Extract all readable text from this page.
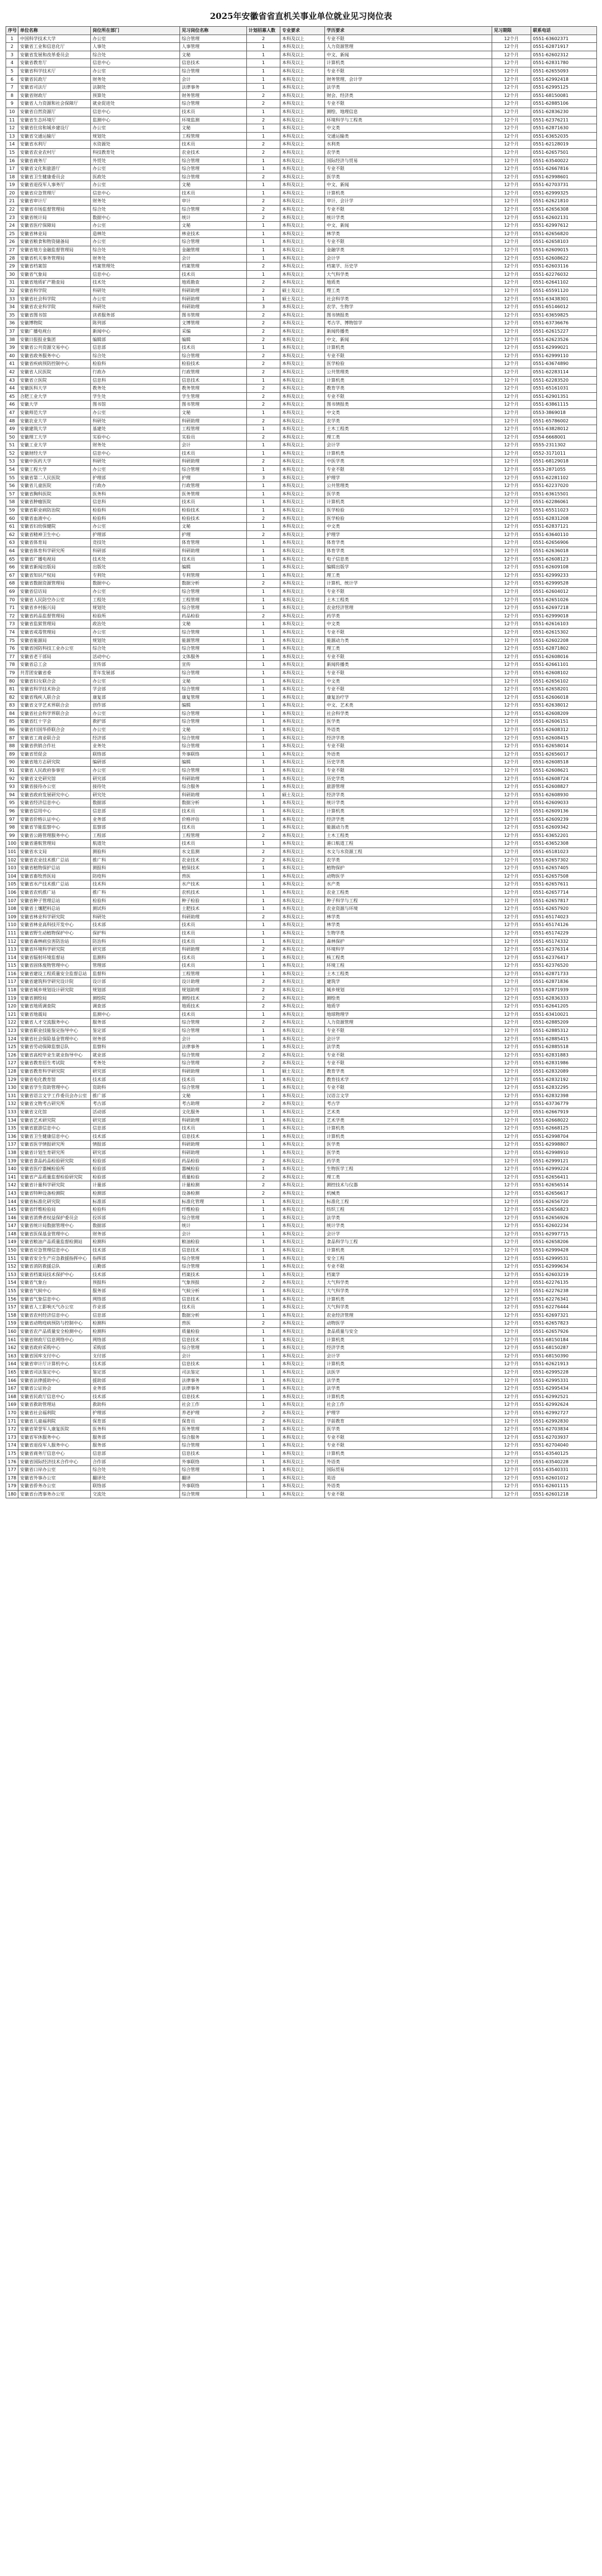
2025年安徽省省直机关事业单位就业见习岗位表
序号	单位名称	岗位所在部门	见习岗位名称	计划招募人数	专业要求	学历要求	见习期限	联系电话
1	中国科学技术大学	办公室	综合管理	2	本科及以上	专业不限	12个月	0551-63602371
2	安徽省工业和信息化厅	人事处	人事管理	1	本科及以上	人力资源管理	12个月	0551-62871917
3	安徽省发展和改革委员会	综合处	文秘	1	本科及以上	中文、新闻	12个月	0551-62602312
4	安徽省教育厅	信息中心	信息技术	1	本科及以上	计算机类	12个月	0551-62831780
5	安徽省科学技术厅	办公室	综合管理	1	本科及以上	专业不限	12个月	0551-62655093
6	安徽省民政厅	财务处	会计	1	本科及以上	财务管理、会计学	12个月	0551-62992418
7	安徽省司法厅	法制处	法律事务	1	本科及以上	法学类	12个月	0551-62995125
8	安徽省财政厅	预算处	财务管理	2	本科及以上	财会、经济类	12个月	0551-68150081
9	安徽省人力资源和社会保障厅	就业促进处	综合管理	2	本科及以上	专业不限	12个月	0551-62885106
10	安徽省自然资源厅	信息中心	技术员	1	本科及以上	测绘、地理信息	12个月	0551-62836230
11	安徽省生态环境厅	监测中心	环境监测	2	本科及以上	环境科学与工程类	12个月	0551-62376211
12	安徽省住房和城乡建设厅	办公室	文秘	1	本科及以上	中文类	12个月	0551-62871630
13	安徽省交通运输厅	规划处	工程管理	1	本科及以上	交通运输类	12个月	0551-63652035
14	安徽省水利厅	水资源处	技术员	2	本科及以上	水利类	12个月	0551-62128019
15	安徽省农业农村厅	科技教育处	农业技术	2	本科及以上	农学类	12个月	0551-62657501
16	安徽省商务厅	外贸处	综合管理	1	本科及以上	国际经济与贸易	12个月	0551-63540022
17	安徽省文化和旅游厅	办公室	综合管理	1	本科及以上	专业不限	12个月	0551-62667816
18	安徽省卫生健康委员会	医政处	综合管理	2	本科及以上	医学类	12个月	0551-62998601
19	安徽省退役军人事务厅	办公室	文秘	1	本科及以上	中文、新闻	12个月	0551-62703731
20	安徽省应急管理厅	信息中心	技术员	1	本科及以上	计算机类	12个月	0551-62999325
21	安徽省审计厅	财务处	审计	2	本科及以上	审计、会计学	12个月	0551-62621810
22	安徽省市场监督管理局	综合处	综合管理	2	本科及以上	专业不限	12个月	0551-62656308
23	安徽省统计局	数据中心	统计	2	本科及以上	统计学类	12个月	0551-62602131
24	安徽省医疗保障局	办公室	文秘	1	本科及以上	中文、新闻	12个月	0551-62997612
25	安徽省林业局	造林处	林业技术	1	本科及以上	林学类	12个月	0551-62656820
26	安徽省粮食和物资储备局	办公室	综合管理	1	本科及以上	专业不限	12个月	0551-62658103
27	安徽省地方金融监督管理局	综合处	金融管理	1	本科及以上	金融学类	12个月	0551-62609015
28	安徽省机关事务管理局	财务处	会计	1	本科及以上	会计学	12个月	0551-62608622
29	安徽省档案馆	档案管理处	档案管理	2	本科及以上	档案学、历史学	12个月	0551-62603116
30	安徽省气象局	信息中心	技术员	1	本科及以上	大气科学类	12个月	0551-62276032
31	安徽省地质矿产勘查局	技术处	地质勘查	2	本科及以上	地质类	12个月	0551-62641102
32	安徽省科学院	科研处	科研助理	2	硕士及以上	理工类	12个月	0551-65591120
33	安徽省社会科学院	办公室	科研助理	1	硕士及以上	社会科学类	12个月	0551-63438301
34	安徽省农业科学院	科研处	科研助理	3	本科及以上	农学、生物学	12个月	0551-65146012
35	安徽省图书馆	读者服务部	图书管理	2	本科及以上	图书情报类	12个月	0551-63659825
36	安徽博物院	陈列部	文博管理	2	本科及以上	考古学、博物馆学	12个月	0551-63736676
37	安徽广播电视台	新闻中心	采编	2	本科及以上	新闻传播类	12个月	0551-62615227
38	安徽日报报业集团	编辑部	编辑	2	本科及以上	中文、新闻	12个月	0551-62623526
39	安徽省公共资源交易中心	信息部	技术员	1	本科及以上	计算机类	12个月	0551-62999021
40	安徽省政务服务中心	综合处	综合管理	2	本科及以上	专业不限	12个月	0551-62999110
41	安徽省疾病预防控制中心	检验科	检验技术	2	本科及以上	医学检验	12个月	0551-63674890
42	安徽省人民医院	行政办	行政管理	2	本科及以上	公共管理类	12个月	0551-62283114
43	安徽省立医院	信息科	信息技术	1	本科及以上	计算机类	12个月	0551-62283520
44	安徽医科大学	教务处	教务管理	2	本科及以上	教育学类	12个月	0551-65161031
45	合肥工业大学	学生处	学生管理	2	本科及以上	专业不限	12个月	0551-62901351
46	安徽大学	图书馆	图书管理	2	本科及以上	图书情报类	12个月	0551-63861115
47	安徽师范大学	办公室	文秘	1	本科及以上	中文类	12个月	0553-3869018
48	安徽农业大学	科研处	科研助理	2	本科及以上	农学类	12个月	0551-65786002
49	安徽建筑大学	基建处	工程管理	1	本科及以上	土木工程类	12个月	0551-63828012
50	安徽理工大学	实验中心	实验员	2	本科及以上	理工类	12个月	0554-6668001
51	安徽工业大学	财务处	会计	1	本科及以上	会计学	12个月	0555-2311302
52	安徽财经大学	信息中心	技术员	1	本科及以上	计算机类	12个月	0552-3171011
53	安徽中医药大学	科研处	科研助理	2	本科及以上	中医学类	12个月	0551-68129018
54	安徽工程大学	办公室	综合管理	1	本科及以上	专业不限	12个月	0553-2871055
55	安徽省第二人民医院	护理部	护理	3	本科及以上	护理学	12个月	0551-62281102
56	安徽省儿童医院	行政办	行政管理	1	本科及以上	公共管理类	12个月	0551-62237020
57	安徽省胸科医院	医务科	医务管理	1	本科及以上	医学类	12个月	0551-63615501
58	安徽省肿瘤医院	信息科	技术员	1	本科及以上	计算机类	12个月	0551-62286061
59	安徽省职业病防治院	检验科	检验技术	1	本科及以上	医学检验	12个月	0551-65511023
60	安徽省血液中心	检验科	检验技术	2	本科及以上	医学检验	12个月	0551-62831208
61	安徽省妇幼保健院	办公室	文秘	1	本科及以上	中文类	12个月	0551-62837121
62	安徽省精神卫生中心	护理部	护理	2	本科及以上	护理学	12个月	0551-63640110
63	安徽省体育局	竞技处	体育管理	1	本科及以上	体育学类	12个月	0551-62656906
64	安徽省体育科学研究所	科研部	科研助理	1	本科及以上	体育学类	12个月	0551-62636018
65	安徽省广播电视局	技术处	技术员	1	本科及以上	电子信息类	12个月	0551-62608123
66	安徽省新闻出版局	出版处	编辑	1	本科及以上	编辑出版学	12个月	0551-62609108
67	安徽省知识产权局	专利处	专利管理	1	本科及以上	理工类	12个月	0551-62999233
68	安徽省数据资源管理局	数据中心	数据分析	2	本科及以上	计算机、统计学	12个月	0551-62999528
69	安徽省信访局	办公室	综合管理	1	本科及以上	专业不限	12个月	0551-62604012
70	安徽省人民防空办公室	工程处	工程管理	1	本科及以上	土木工程类	12个月	0551-62651026
71	安徽省乡村振兴局	规划处	综合管理	1	本科及以上	农业经济管理	12个月	0551-62697218
72	安徽省药品监督管理局	检验所	药品检验	2	本科及以上	药学类	12个月	0551-62999018
73	安徽省监狱管理局	政治处	文秘	1	本科及以上	中文类	12个月	0551-62616103
74	安徽省戒毒管理局	办公室	综合管理	1	本科及以上	专业不限	12个月	0551-62615302
75	安徽省能源局	规划处	能源管理	1	本科及以上	能源动力类	12个月	0551-62602208
76	安徽省国防科技工业办公室	综合处	综合管理	1	本科及以上	理工类	12个月	0551-62871802
77	安徽省老干部局	活动中心	文体服务	1	本科及以上	专业不限	12个月	0551-62608016
78	安徽省总工会	宣传部	宣传	1	本科及以上	新闻传播类	12个月	0551-62661101
79	共青团安徽省委	青年发展部	综合管理	1	本科及以上	专业不限	12个月	0551-62608102
80	安徽省妇女联合会	办公室	文秘	1	本科及以上	中文类	12个月	0551-62656102
81	安徽省科学技术协会	学会部	综合管理	1	本科及以上	专业不限	12个月	0551-62658201
82	安徽省残疾人联合会	康复部	康复管理	1	本科及以上	康复治疗学	12个月	0551-62606018
83	安徽省文学艺术界联合会	创作部	编辑	1	本科及以上	中文、艺术类	12个月	0551-62638012
84	安徽省社会科学界联合会	办公室	综合管理	1	本科及以上	社会科学类	12个月	0551-62608209
85	安徽省红十字会	救护部	综合管理	1	本科及以上	医学类	12个月	0551-62606151
86	安徽省归国华侨联合会	办公室	文秘	1	本科及以上	外语类	12个月	0551-62608312
87	安徽省工商业联合会	经济部	综合管理	1	本科及以上	经济学类	12个月	0551-62608415
88	安徽省供销合作社	业务处	综合管理	1	本科及以上	专业不限	12个月	0551-62658014
89	安徽省贸促会	联络部	外事联络	1	本科及以上	外语类	12个月	0551-62656017
90	安徽省地方志研究院	编研部	编辑	1	本科及以上	历史学类	12个月	0551-62608518
91	安徽省人民政府参事室	办公室	综合管理	1	本科及以上	专业不限	12个月	0551-62608621
92	安徽省文史研究馆	研究部	科研助理	1	本科及以上	历史学类	12个月	0551-62608724
93	安徽省接待办公室	接待处	综合服务	1	本科及以上	旅游管理	12个月	0551-62608827
94	安徽省政府发展研究中心	研究处	科研助理	1	硕士及以上	经济学类	12个月	0551-62608930
95	安徽省经济信息中心	数据部	数据分析	1	本科及以上	统计学类	12个月	0551-62609033
96	安徽省信用中心	信息部	技术员	1	本科及以上	计算机类	12个月	0551-62609136
97	安徽省价格认证中心	业务部	价格评估	1	本科及以上	经济学类	12个月	0551-62609239
98	安徽省节能监察中心	监察部	技术员	1	本科及以上	能源动力类	12个月	0551-62609342
99	安徽省公路管理服务中心	工程部	工程管理	2	本科及以上	土木工程类	12个月	0551-63652201
100	安徽省港航管理局	航道处	技术员	1	本科及以上	港口航道工程	12个月	0551-63652308
101	安徽省水文局	测验科	水文监测	2	本科及以上	水文与水资源工程	12个月	0551-65181023
102	安徽省农业技术推广总站	推广科	农业技术	2	本科及以上	农学类	12个月	0551-62657302
103	安徽省植物保护总站	测报科	植保技术	1	本科及以上	植物保护	12个月	0551-62657405
104	安徽省畜牧兽医局	防疫科	兽医	1	本科及以上	动物医学	12个月	0551-62657508
105	安徽省水产技术推广总站	技术科	水产技术	1	本科及以上	水产类	12个月	0551-62657611
106	安徽省农机推广站	推广科	农机技术	1	本科及以上	农业工程类	12个月	0551-62657714
107	安徽省种子管理总站	检验科	种子检验	1	本科及以上	种子科学与工程	12个月	0551-62657817
108	安徽省土壤肥料总站	测试科	土肥技术	1	本科及以上	农业资源与环境	12个月	0551-62657920
109	安徽省林业科学研究院	科研处	科研助理	2	本科及以上	林学类	12个月	0551-65174023
110	安徽省林业高科技开发中心	技术部	技术员	1	本科及以上	林学类	12个月	0551-65174126
111	安徽省野生动植物保护中心	保护科	技术员	1	本科及以上	生物学类	12个月	0551-65174229
112	安徽省森林病虫害防治站	防治科	技术员	1	本科及以上	森林保护	12个月	0551-65174332
113	安徽省环境科学研究院	研究部	科研助理	2	本科及以上	环境科学	12个月	0551-62376314
114	安徽省辐射环境监督站	监测科	技术员	1	本科及以上	核工程类	12个月	0551-62376417
115	安徽省固体废物管理中心	管理部	技术员	1	本科及以上	环境工程	12个月	0551-62376520
116	安徽省建设工程质量安全监督总站	监督科	工程管理	1	本科及以上	土木工程类	12个月	0551-62871733
117	安徽省建筑科学研究设计院	设计部	设计助理	2	本科及以上	建筑学	12个月	0551-62871836
118	安徽省城乡规划设计研究院	规划部	规划助理	2	本科及以上	城乡规划	12个月	0551-62871939
119	安徽省测绘局	测绘院	测绘技术	2	本科及以上	测绘类	12个月	0551-62836333
120	安徽省地质调查院	调查部	地质技术	2	本科及以上	地质学	12个月	0551-62641205
121	安徽省地震局	监测中心	技术员	1	本科及以上	地球物理学	12个月	0551-63410021
122	安徽省人才交流服务中心	服务部	综合管理	2	本科及以上	人力资源管理	12个月	0551-62885209
123	安徽省职业技能鉴定指导中心	鉴定部	综合管理	1	本科及以上	专业不限	12个月	0551-62885312
124	安徽省社会保险基金管理中心	财务部	会计	1	本科及以上	会计学	12个月	0551-62885415
125	安徽省劳动保障监察总队	监察科	法律事务	1	本科及以上	法学类	12个月	0551-62885518
126	安徽省高校毕业生就业指导中心	就业部	综合管理	2	本科及以上	专业不限	12个月	0551-62831883
127	安徽省教育招生考试院	考务处	综合管理	2	本科及以上	专业不限	12个月	0551-62831986
128	安徽省教育科学研究院	研究部	科研助理	1	硕士及以上	教育学类	12个月	0551-62832089
129	安徽省电化教育馆	技术部	技术员	1	本科及以上	教育技术学	12个月	0551-62832192
130	安徽省学生资助管理中心	资助科	综合管理	1	本科及以上	专业不限	12个月	0551-62832295
131	安徽省语言文字工作委员会办公室	推广部	文秘	1	本科及以上	汉语言文学	12个月	0551-62832398
132	安徽省文物考古研究所	考古部	考古助理	2	本科及以上	考古学	12个月	0551-63736779
133	安徽省文化馆	活动部	文化服务	1	本科及以上	艺术类	12个月	0551-62667919
134	安徽省艺术研究院	研究部	科研助理	1	本科及以上	艺术学类	12个月	0551-62668022
135	安徽省旅游信息中心	信息部	技术员	1	本科及以上	计算机类	12个月	0551-62668125
136	安徽省卫生健康信息中心	技术部	信息技术	1	本科及以上	计算机类	12个月	0551-62998704
137	安徽省医学情报研究所	情报部	科研助理	1	本科及以上	医学类	12个月	0551-62998807
138	安徽省计划生育研究所	研究部	科研助理	1	本科及以上	医学类	12个月	0551-62998910
139	安徽省食品药品检验研究院	检验部	药品检验	2	本科及以上	药学类	12个月	0551-62999121
140	安徽省医疗器械检验所	检验部	器械检验	1	本科及以上	生物医学工程	12个月	0551-62999224
141	安徽省产品质量监督检验研究院	检验部	质量检验	2	本科及以上	理工类	12个月	0551-62656411
142	安徽省计量科学研究院	计量部	计量检测	2	本科及以上	测控技术与仪器	12个月	0551-62656514
143	安徽省特种设备检测院	检测部	设备检测	2	本科及以上	机械类	12个月	0551-62656617
144	安徽省标准化研究院	标准部	标准化管理	1	本科及以上	标准化工程	12个月	0551-62656720
145	安徽省纤维检验局	检验科	纤维检验	1	本科及以上	纺织工程	12个月	0551-62656823
146	安徽省消费者权益保护委员会	投诉部	综合管理	1	本科及以上	法学类	12个月	0551-62656926
147	安徽省统计局数据管理中心	数据部	统计	1	本科及以上	统计学类	12个月	0551-62602234
148	安徽省医保基金管理中心	财务部	会计	1	本科及以上	会计学	12个月	0551-62997715
149	安徽省粮油产品质量监督检测站	检测科	粮油检验	1	本科及以上	食品科学与工程	12个月	0551-62658206
150	安徽省应急管理信息中心	技术部	信息技术	1	本科及以上	计算机类	12个月	0551-62999428
151	安徽省安全生产应急救援指挥中心	指挥部	综合管理	1	本科及以上	安全工程	12个月	0551-62999531
152	安徽省消防救援总队	后勤部	综合管理	1	本科及以上	专业不限	12个月	0551-62999634
153	安徽省档案局技术保护中心	技术部	档案技术	1	本科及以上	档案学	12个月	0551-62603219
154	安徽省气象台	预报科	气象预报	2	本科及以上	大气科学类	12个月	0551-62276135
155	安徽省气候中心	服务部	气候分析	1	本科及以上	大气科学类	12个月	0551-62276238
156	安徽省气象信息中心	网络部	信息技术	1	本科及以上	计算机类	12个月	0551-62276341
157	安徽省人工影响天气办公室	作业部	技术员	1	本科及以上	大气科学类	12个月	0551-62276444
158	安徽省农村经济信息中心	信息部	数据分析	1	本科及以上	农业经济管理	12个月	0551-62697321
159	安徽省动物疫病预防与控制中心	检测科	兽医	2	本科及以上	动物医学	12个月	0551-62657823
160	安徽省农产品质量安全检测中心	检测科	质量检验	1	本科及以上	食品质量与安全	12个月	0551-62657926
161	安徽省财政厅信息网络中心	网络部	信息技术	1	本科及以上	计算机类	12个月	0551-68150184
162	安徽省政府采购中心	采购部	综合管理	1	本科及以上	经济学类	12个月	0551-68150287
163	安徽省国库支付中心	支付部	会计	1	本科及以上	会计学	12个月	0551-68150390
164	安徽省审计厅计算机中心	技术部	信息技术	1	本科及以上	计算机类	12个月	0551-62621913
165	安徽省司法鉴定中心	鉴定部	司法鉴定	1	本科及以上	法医学	12个月	0551-62995228
166	安徽省法律援助中心	援助部	法律事务	1	本科及以上	法学类	12个月	0551-62995331
167	安徽省公证协会	业务部	法律事务	1	本科及以上	法学类	12个月	0551-62995434
168	安徽省民政厅信息中心	技术部	信息技术	1	本科及以上	计算机类	12个月	0551-62992521
169	安徽省救助管理站	救助科	社会工作	1	本科及以上	社会工作	12个月	0551-62992624
170	安徽省社会福利院	护理部	养老护理	2	本科及以上	护理学	12个月	0551-62992727
171	安徽省儿童福利院	保育部	保育员	2	本科及以上	学前教育	12个月	0551-62992830
172	安徽省荣誉军人康复医院	医务科	医务管理	1	本科及以上	医学类	12个月	0551-62703834
173	安徽省军休服务中心	服务部	综合服务	1	本科及以上	专业不限	12个月	0551-62703937
174	安徽省退役军人服务中心	服务部	综合管理	1	本科及以上	专业不限	12个月	0551-62704040
175	安徽省商务厅信息中心	信息部	信息技术	1	本科及以上	计算机类	12个月	0551-63540125
176	安徽省国际经济技术合作中心	合作部	外事联络	1	本科及以上	外语类	12个月	0551-63540228
177	安徽省口岸办公室	综合处	综合管理	1	本科及以上	国际贸易	12个月	0551-63540331
178	安徽省外事办公室	翻译处	翻译	1	本科及以上	英语	12个月	0551-62601012
179	安徽省侨务办公室	联络部	外事联络	1	本科及以上	外语类	12个月	0551-62601115
180	安徽省台湾事务办公室	交流处	综合管理	1	本科及以上	专业不限	12个月	0551-62601218
